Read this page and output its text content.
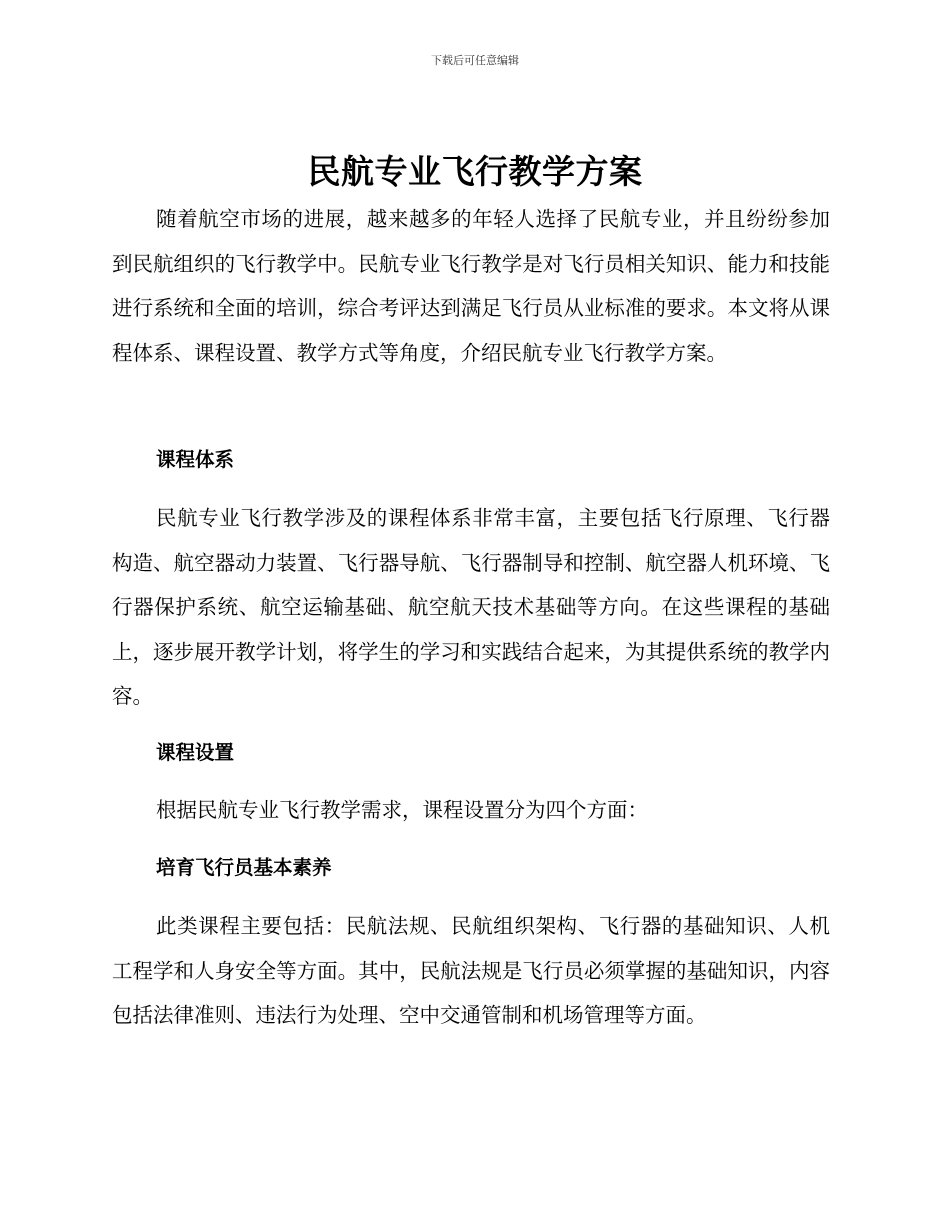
下载后可任意编辑
民航专业飞行教学方案

随着航空市场的进展，越来越多的年轻人选择了民航专业，并且纷纷参加到民航组织的飞行教学中。民航专业飞行教学是对飞行员相关知识、能力和技能进行系统和全面的培训，综合考评达到满足飞行员从业标准的要求。本文将从课程体系、课程设置、教学方式等角度，介绍民航专业飞行教学方案。

课程体系

民航专业飞行教学涉及的课程体系非常丰富，主要包括飞行原理、飞行器构造、航空器动力装置、飞行器导航、飞行器制导和控制、航空器人机环境、飞行器保护系统、航空运输基础、航空航天技术基础等方向。在这些课程的基础上，逐步展开教学计划，将学生的学习和实践结合起来，为其提供系统的教学内容。

课程设置

根据民航专业飞行教学需求，课程设置分为四个方面：

培育飞行员基本素养

此类课程主要包括：民航法规、民航组织架构、飞行器的基础知识、人机工程学和人身安全等方面。其中，民航法规是飞行员必须掌握的基础知识，内容包括法律准则、违法行为处理、空中交通管制和机场管理等方面。
